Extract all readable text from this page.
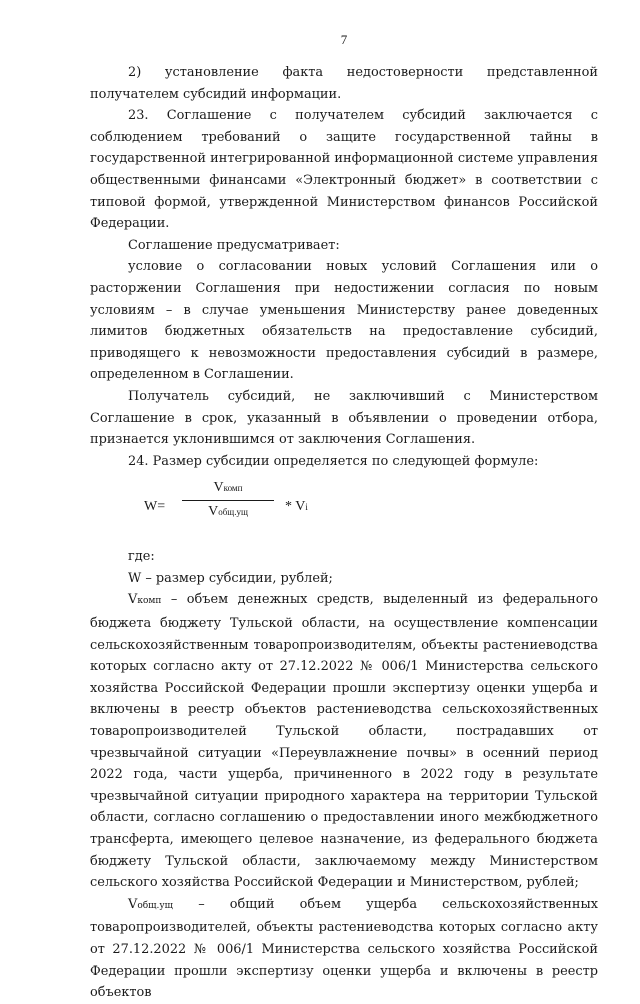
7

2) установление факта недостоверности представленной

получателем субсидий информации.

23. Соглашение с получателем субсидий заключается с соблюдением требований о защите государственной тайны в государственной интегрированной информационной системе управления общественными финансами «Электронный бюджет» в соответствии с типовой формой, утвержденной Министерством финансов Российской Федерации.

Соглашение предусматривает:

условие о согласовании новых условий Соглашения или о расторжении Соглашения при недостижении согласия по новым условиям – в случае уменьшения Министерству ранее доведенных лимитов бюджетных обязательств на предоставление субсидий, приводящего к невозможности предоставления субсидий в размере, определенном в Соглашении.

Получатель субсидий, не заключивший с Министерством Соглашение в срок, указанный в объявлении о проведении отбора, признается уклонившимся от заключения Соглашения.

24. Размер субсидии определяется по следующей формуле:

W=
Vкомп
Vобщ.ущ	* Vi

где:

W – размер субсидии, рублей;

Vкомп – объем денежных средств, выделенный из федерального бюджета бюджету Тульской области, на осуществление компенсации сельскохозяйственным товаропроизводителям, объекты растениеводства которых согласно акту от 27.12.2022 № 006/1 Министерства сельского хозяйства Российской Федерации прошли экспертизу оценки ущерба и включены в реестр объектов растениеводства сельскохозяйственных товаропроизводителей Тульской области, пострадавших от чрезвычайной ситуации «Переувлажнение почвы» в осенний период 2022 года, части ущерба, причиненного в 2022 году в результате чрезвычайной ситуации природного характера на территории Тульской области, согласно соглашению о предоставлении иного межбюджетного трансферта, имеющего целевое назначение, из федерального бюджета бюджету Тульской области, заключаемому между Министерством сельского хозяйства Российской Федерации и Министерством, рублей;

Vобщ.ущ – общий объем ущерба сельскохозяйственных товаропроизводителей, объекты растениеводства которых согласно акту от 27.12.2022 № 006/1 Министерства сельского хозяйства Российской Федерации прошли экспертизу оценки ущерба и включены в реестр объектов
